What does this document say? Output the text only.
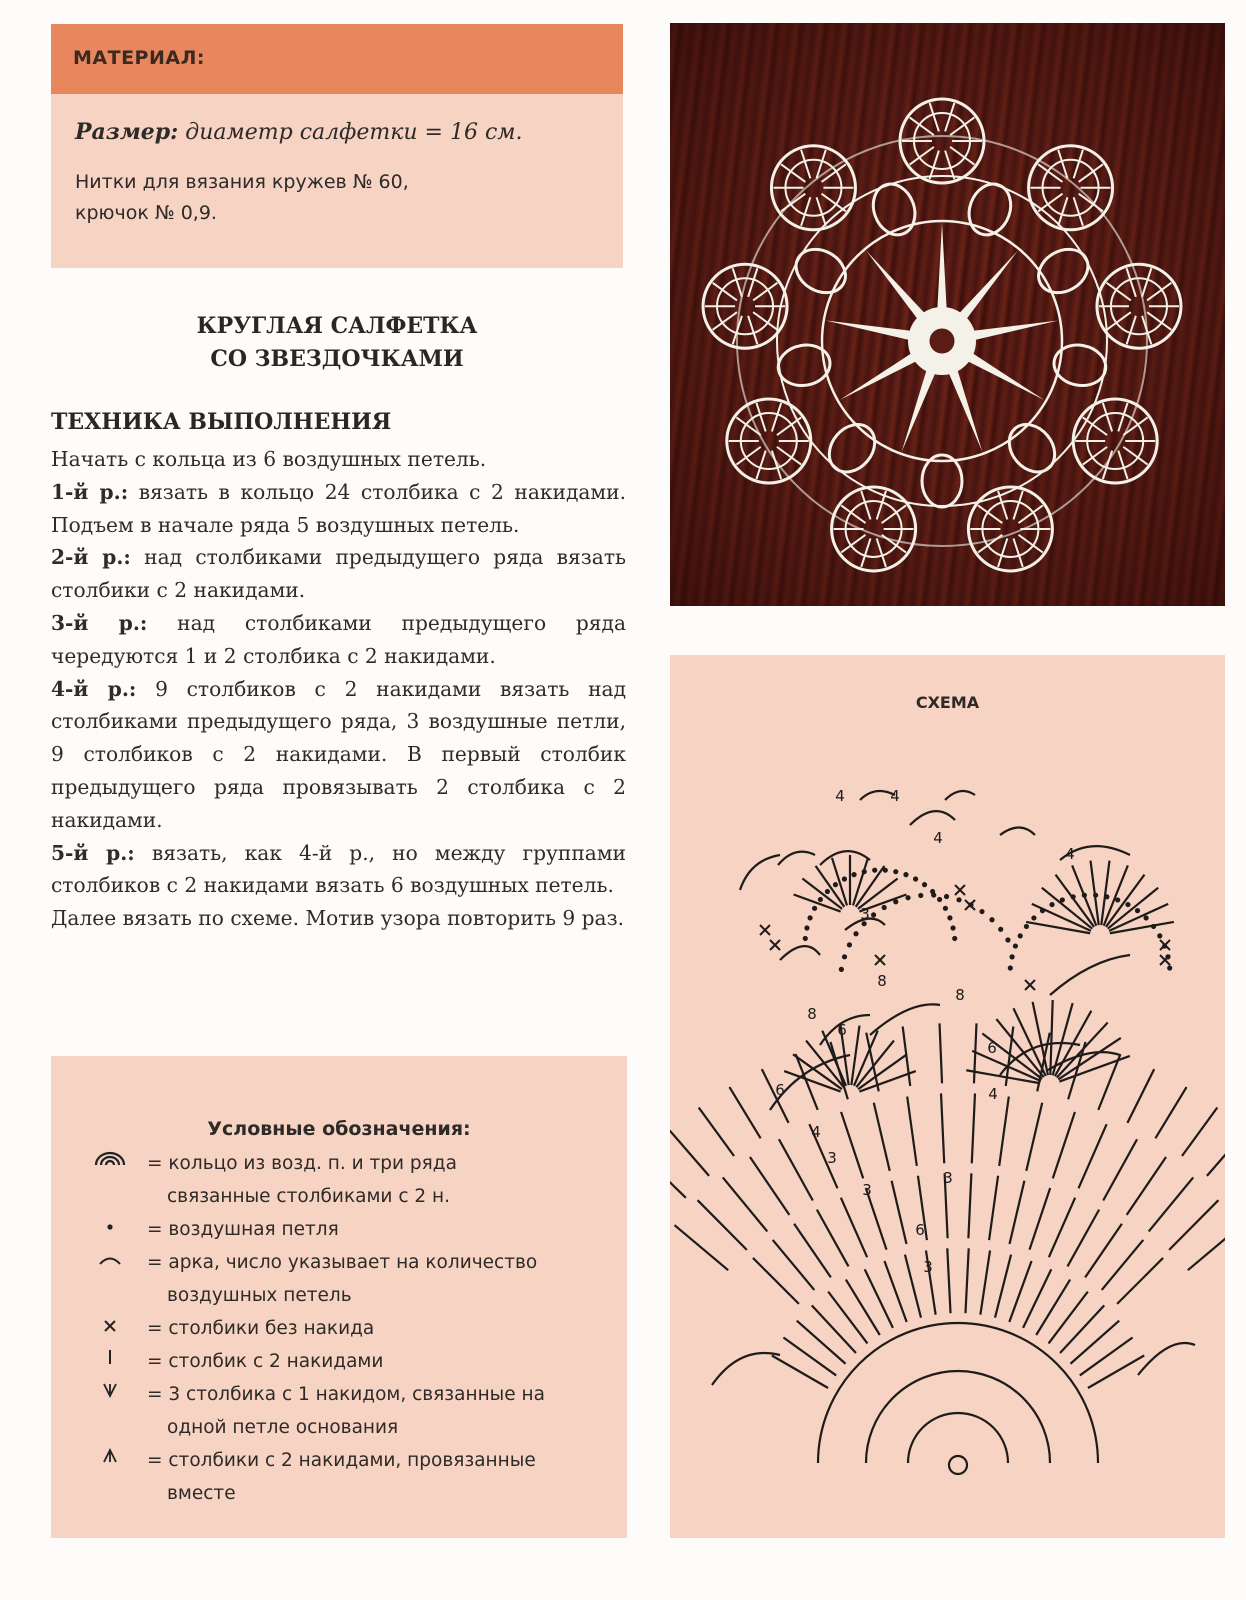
МАТЕРИАЛ:
Размер: диаметр салфетки = 16 см.
Нитки для вязания кружев № 60,
крючок № 0,9.
КРУГЛАЯ САЛФЕТКА
СО ЗВЕЗДОЧКАМИ
ТЕХНИКА ВЫПОЛНЕНИЯ

Начать с кольца из 6 воздушных петель.

1-й р.: вязать в кольцо 24 столбика с 2 накидами. Подъем в начале ряда 5 воздушных петель.

2-й р.: над столбиками предыдущего ряда вязать столбики с 2 накидами.

3-й р.: над столбиками предыдущего ряда чередуются 1 и 2 столбика с 2 накидами.

4-й р.: 9 столбиков с 2 накидами вязать над столбиками предыдущего ряда, 3 воздушные петли, 9 столбиков с 2 накидами. В первый столбик предыдущего ряда провязывать 2 столбика с 2 накидами.

5-й р.: вязать, как 4-й р., но между группами столбиков с 2 накидами вязать 6 воздушных петель.

Далее вязать по схеме. Мотив узора повторить 9 раз.

Условные обозначения:
= кольцо из возд. п. и три ряда
связанные столбиками с 2 н.
= воздушная петля
= арка, число указывает на количество
воздушных петель
= столбики без накида
= столбик с 2 накидами
= 3 столбика с 1 накидом, связанные на
одной петле основания
= столбики с 2 накидами, провязанные
вместе
СХЕМА
4	4
4
4
3
8
8
8
6
6
6	4
4
3
3
3
6
3
